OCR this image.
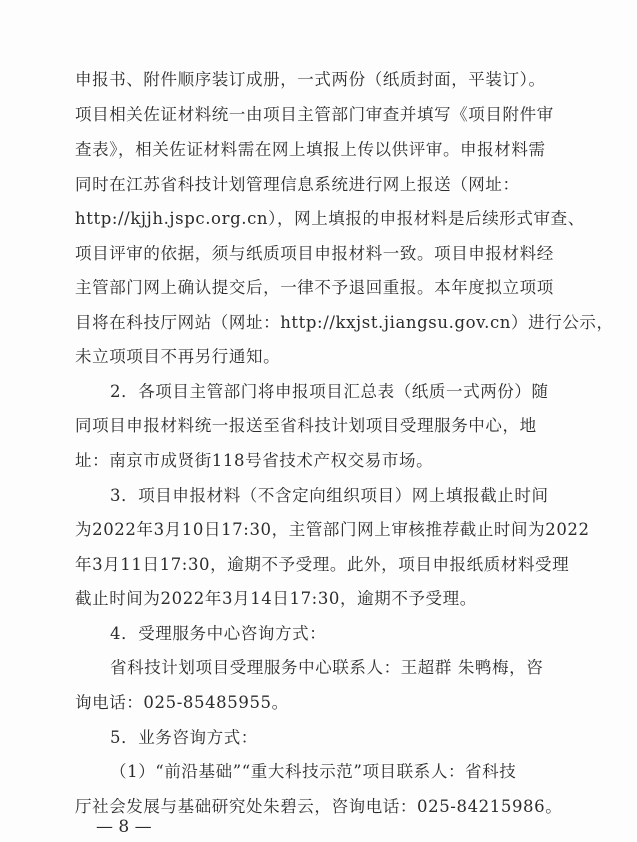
申报书、附件顺序装订成册，一式两份（纸质封面，平装订）。
项目相关佐证材料统一由项目主管部门审查并填写《项目附件审
查表》，相关佐证材料需在网上填报上传以供评审。申报材料需
同时在江苏省科技计划管理信息系统进行网上报送（网址：
http://kjjh.jspc.org.cn），网上填报的申报材料是后续形式审查、
项目评审的依据，须与纸质项目申报材料一致。项目申报材料经
主管部门网上确认提交后，一律不予退回重报。本年度拟立项项
目将在科技厅网站（网址：http://kxjst.jiangsu.gov.cn）进行公示，
未立项项目不再另行通知。
2．各项目主管部门将申报项目汇总表（纸质一式两份）随
同项目申报材料统一报送至省科技计划项目受理服务中心，地
址：南京市成贤街118号省技术产权交易市场。
3．项目申报材料（不含定向组织项目）网上填报截止时间
为2022年3月10日17:30，主管部门网上审核推荐截止时间为2022
年3月11日17:30，逾期不予受理。此外，项目申报纸质材料受理
截止时间为2022年3月14日17:30，逾期不予受理。
4．受理服务中心咨询方式：
省科技计划项目受理服务中心联系人：王超群 朱鸭梅，咨
询电话：025-85485955。
5．业务咨询方式：
（1）“前沿基础”“重大科技示范”项目联系人：省科技
厅社会发展与基础研究处朱碧云，咨询电话：025-84215986。
— 8 —
